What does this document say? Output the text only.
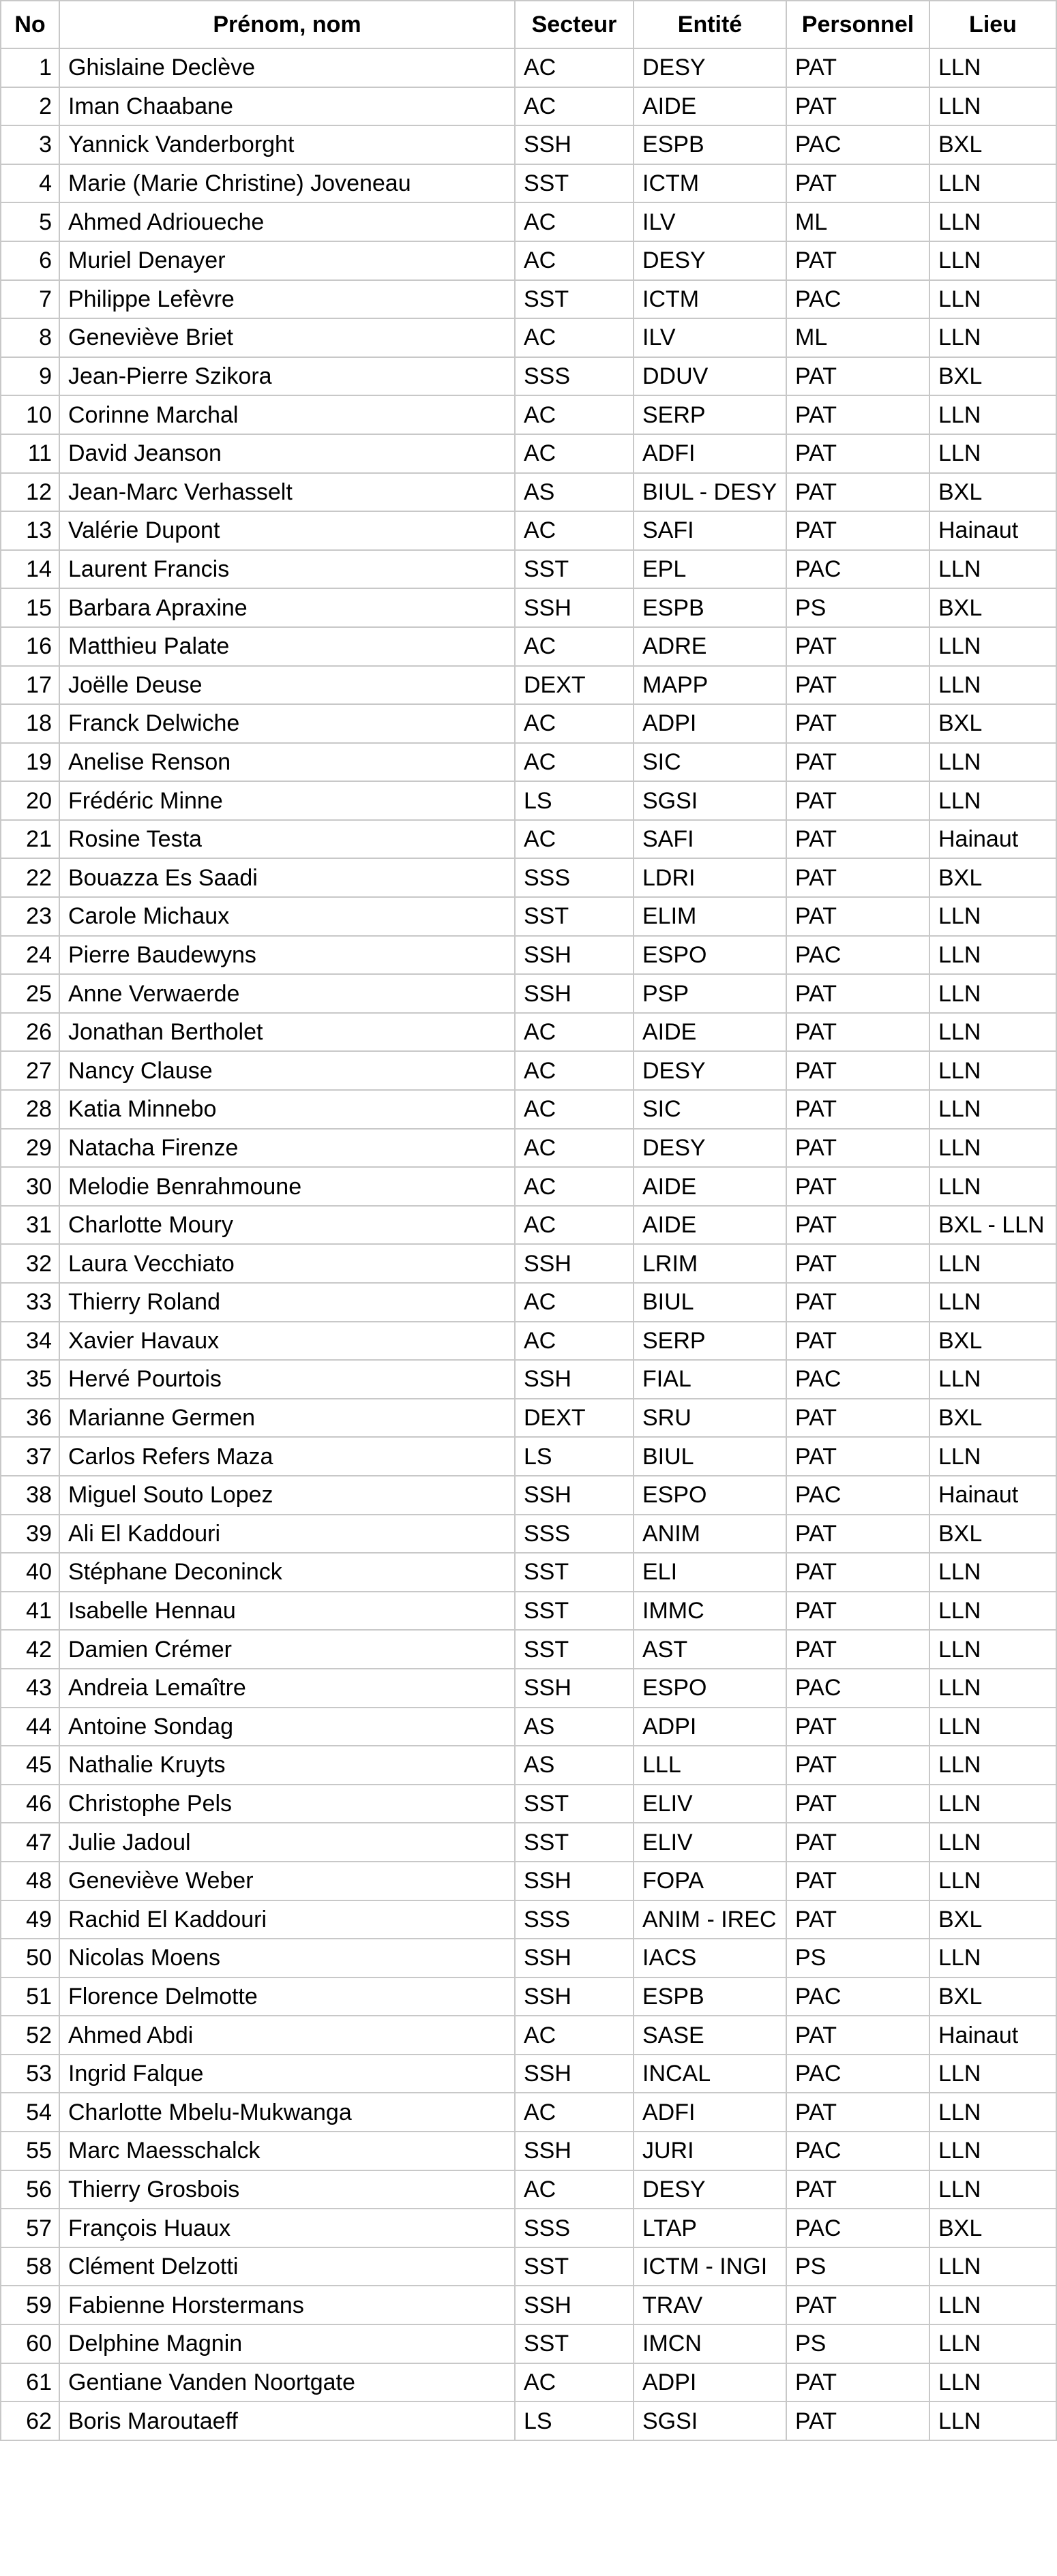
No	Prénom, nom	Secteur	Entité	Personnel	Lieu
1	Ghislaine Declève	AC	DESY	PAT	LLN
2	Iman Chaabane	AC	AIDE	PAT	LLN
3	Yannick Vanderborght	SSH	ESPB	PAC	BXL
4	Marie (Marie Christine) Joveneau	SST	ICTM	PAT	LLN
5	Ahmed Adrioueche	AC	ILV	ML	LLN
6	Muriel Denayer	AC	DESY	PAT	LLN
7	Philippe Lefèvre	SST	ICTM	PAC	LLN
8	Geneviève Briet	AC	ILV	ML	LLN
9	Jean-Pierre Szikora	SSS	DDUV	PAT	BXL
10	Corinne Marchal	AC	SERP	PAT	LLN
11	David Jeanson	AC	ADFI	PAT	LLN
12	Jean-Marc Verhasselt	AS	BIUL - DESY	PAT	BXL
13	Valérie Dupont	AC	SAFI	PAT	Hainaut
14	Laurent Francis	SST	EPL	PAC	LLN
15	Barbara Apraxine	SSH	ESPB	PS	BXL
16	Matthieu Palate	AC	ADRE	PAT	LLN
17	Joëlle Deuse	DEXT	MAPP	PAT	LLN
18	Franck Delwiche	AC	ADPI	PAT	BXL
19	Anelise Renson	AC	SIC	PAT	LLN
20	Frédéric Minne	LS	SGSI	PAT	LLN
21	Rosine Testa	AC	SAFI	PAT	Hainaut
22	Bouazza Es Saadi	SSS	LDRI	PAT	BXL
23	Carole Michaux	SST	ELIM	PAT	LLN
24	Pierre Baudewyns	SSH	ESPO	PAC	LLN
25	Anne Verwaerde	SSH	PSP	PAT	LLN
26	Jonathan Bertholet	AC	AIDE	PAT	LLN
27	Nancy Clause	AC	DESY	PAT	LLN
28	Katia Minnebo	AC	SIC	PAT	LLN
29	Natacha Firenze	AC	DESY	PAT	LLN
30	Melodie Benrahmoune	AC	AIDE	PAT	LLN
31	Charlotte Moury	AC	AIDE	PAT	BXL - LLN
32	Laura Vecchiato	SSH	LRIM	PAT	LLN
33	Thierry Roland	AC	BIUL	PAT	LLN
34	Xavier Havaux	AC	SERP	PAT	BXL
35	Hervé Pourtois	SSH	FIAL	PAC	LLN
36	Marianne Germen	DEXT	SRU	PAT	BXL
37	Carlos Refers Maza	LS	BIUL	PAT	LLN
38	Miguel Souto Lopez	SSH	ESPO	PAC	Hainaut
39	Ali El Kaddouri	SSS	ANIM	PAT	BXL
40	Stéphane Deconinck	SST	ELI	PAT	LLN
41	Isabelle Hennau	SST	IMMC	PAT	LLN
42	Damien Crémer	SST	AST	PAT	LLN
43	Andreia Lemaître	SSH	ESPO	PAC	LLN
44	Antoine Sondag	AS	ADPI	PAT	LLN
45	Nathalie Kruyts	AS	LLL	PAT	LLN
46	Christophe Pels	SST	ELIV	PAT	LLN
47	Julie Jadoul	SST	ELIV	PAT	LLN
48	Geneviève Weber	SSH	FOPA	PAT	LLN
49	Rachid El Kaddouri	SSS	ANIM - IREC	PAT	BXL
50	Nicolas Moens	SSH	IACS	PS	LLN
51	Florence Delmotte	SSH	ESPB	PAC	BXL
52	Ahmed Abdi	AC	SASE	PAT	Hainaut
53	Ingrid Falque	SSH	INCAL	PAC	LLN
54	Charlotte Mbelu-Mukwanga	AC	ADFI	PAT	LLN
55	Marc Maesschalck	SSH	JURI	PAC	LLN
56	Thierry Grosbois	AC	DESY	PAT	LLN
57	François Huaux	SSS	LTAP	PAC	BXL
58	Clément Delzotti	SST	ICTM - INGI	PS	LLN
59	Fabienne Horstermans	SSH	TRAV	PAT	LLN
60	Delphine Magnin	SST	IMCN	PS	LLN
61	Gentiane Vanden Noortgate	AC	ADPI	PAT	LLN
62	Boris Maroutaeff	LS	SGSI	PAT	LLN
